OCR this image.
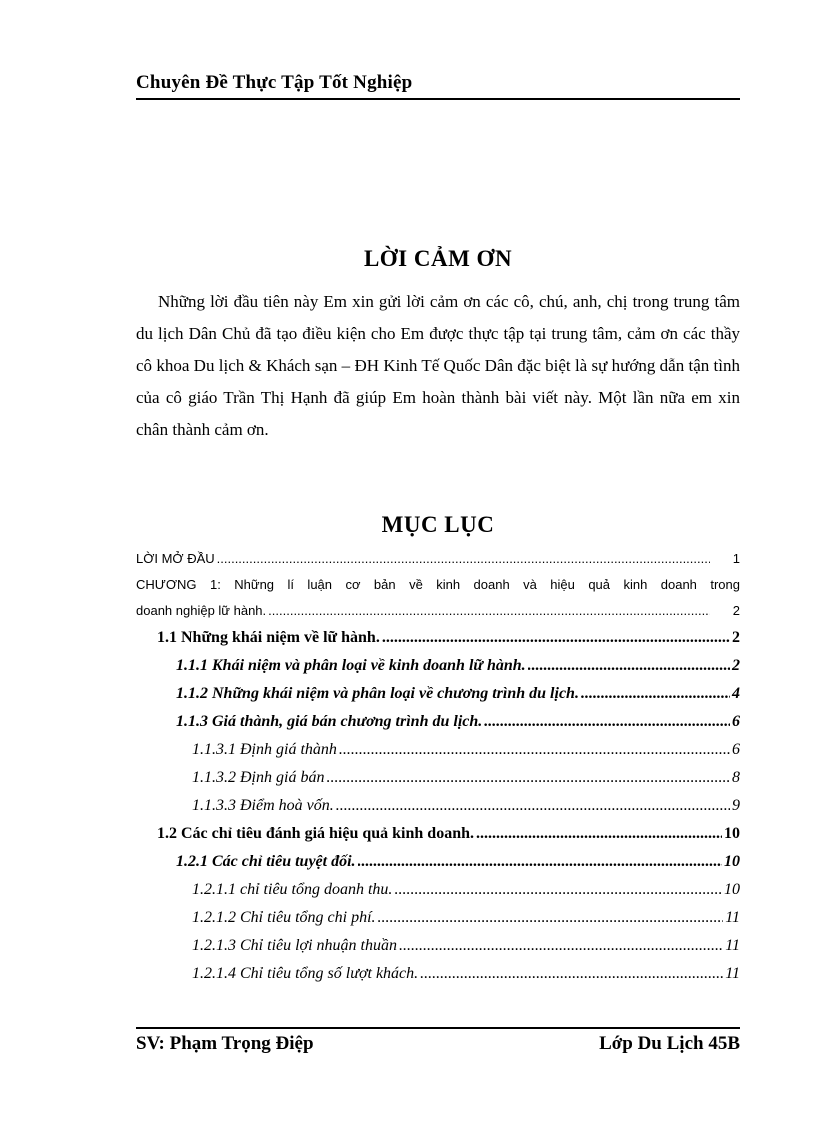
Chuyên Đề Thực Tập Tốt Nghiệp
LỜI CẢM ƠN

Những lời đầu tiên này Em xin gửi lời cảm ơn các cô, chú, anh, chị trong trung tâm du lịch Dân Chủ đã tạo điều kiện cho Em được thực tập tại trung tâm, cảm ơn các thầy cô khoa Du lịch & Khách sạn – ĐH Kinh Tế Quốc Dân đặc biệt là sự hướng dẫn tận tình của cô giáo Trần Thị Hạnh đã giúp Em hoàn thành bài viết này. Một lần nữa em xin chân thành cảm ơn.

MỤC LỤC
LỜI MỞ ĐẦU .....	1
CHƯƠNG 1: Những lí luận cơ bản về kinh doanh và hiệu quả kinh doanh trong
doanh nghiệp lữ hành. .....	2
1.1 Những khái niệm về lữ hành. .....	2
1.1.1 Khái niệm và phân loại về kinh doanh lữ hành. .....	2
1.1.2 Những khái niệm và phân loại về chương trình du lịch. .....	4
1.1.3 Giá thành, giá bán chương trình du lịch. .....	6
1.1.3.1 Định giá thành .....	6
1.1.3.2 Định giá bán .....	8
1.1.3.3 Điểm hoà vốn. .....	9
1.2 Các chỉ tiêu đánh giá hiệu quả kinh doanh. .....	10
1.2.1 Các chỉ tiêu tuyệt đối. .....	10
1.2.1.1 chỉ tiêu tổng doanh thu. .....	10
1.2.1.2 Chỉ tiêu tổng chi phí. .....	11
1.2.1.3 Chỉ tiêu lợi nhuận thuần .....	11
1.2.1.4 Chỉ tiêu tổng số lượt khách. .....	11
SV: Phạm Trọng Điệp	Lớp Du Lịch 45B
